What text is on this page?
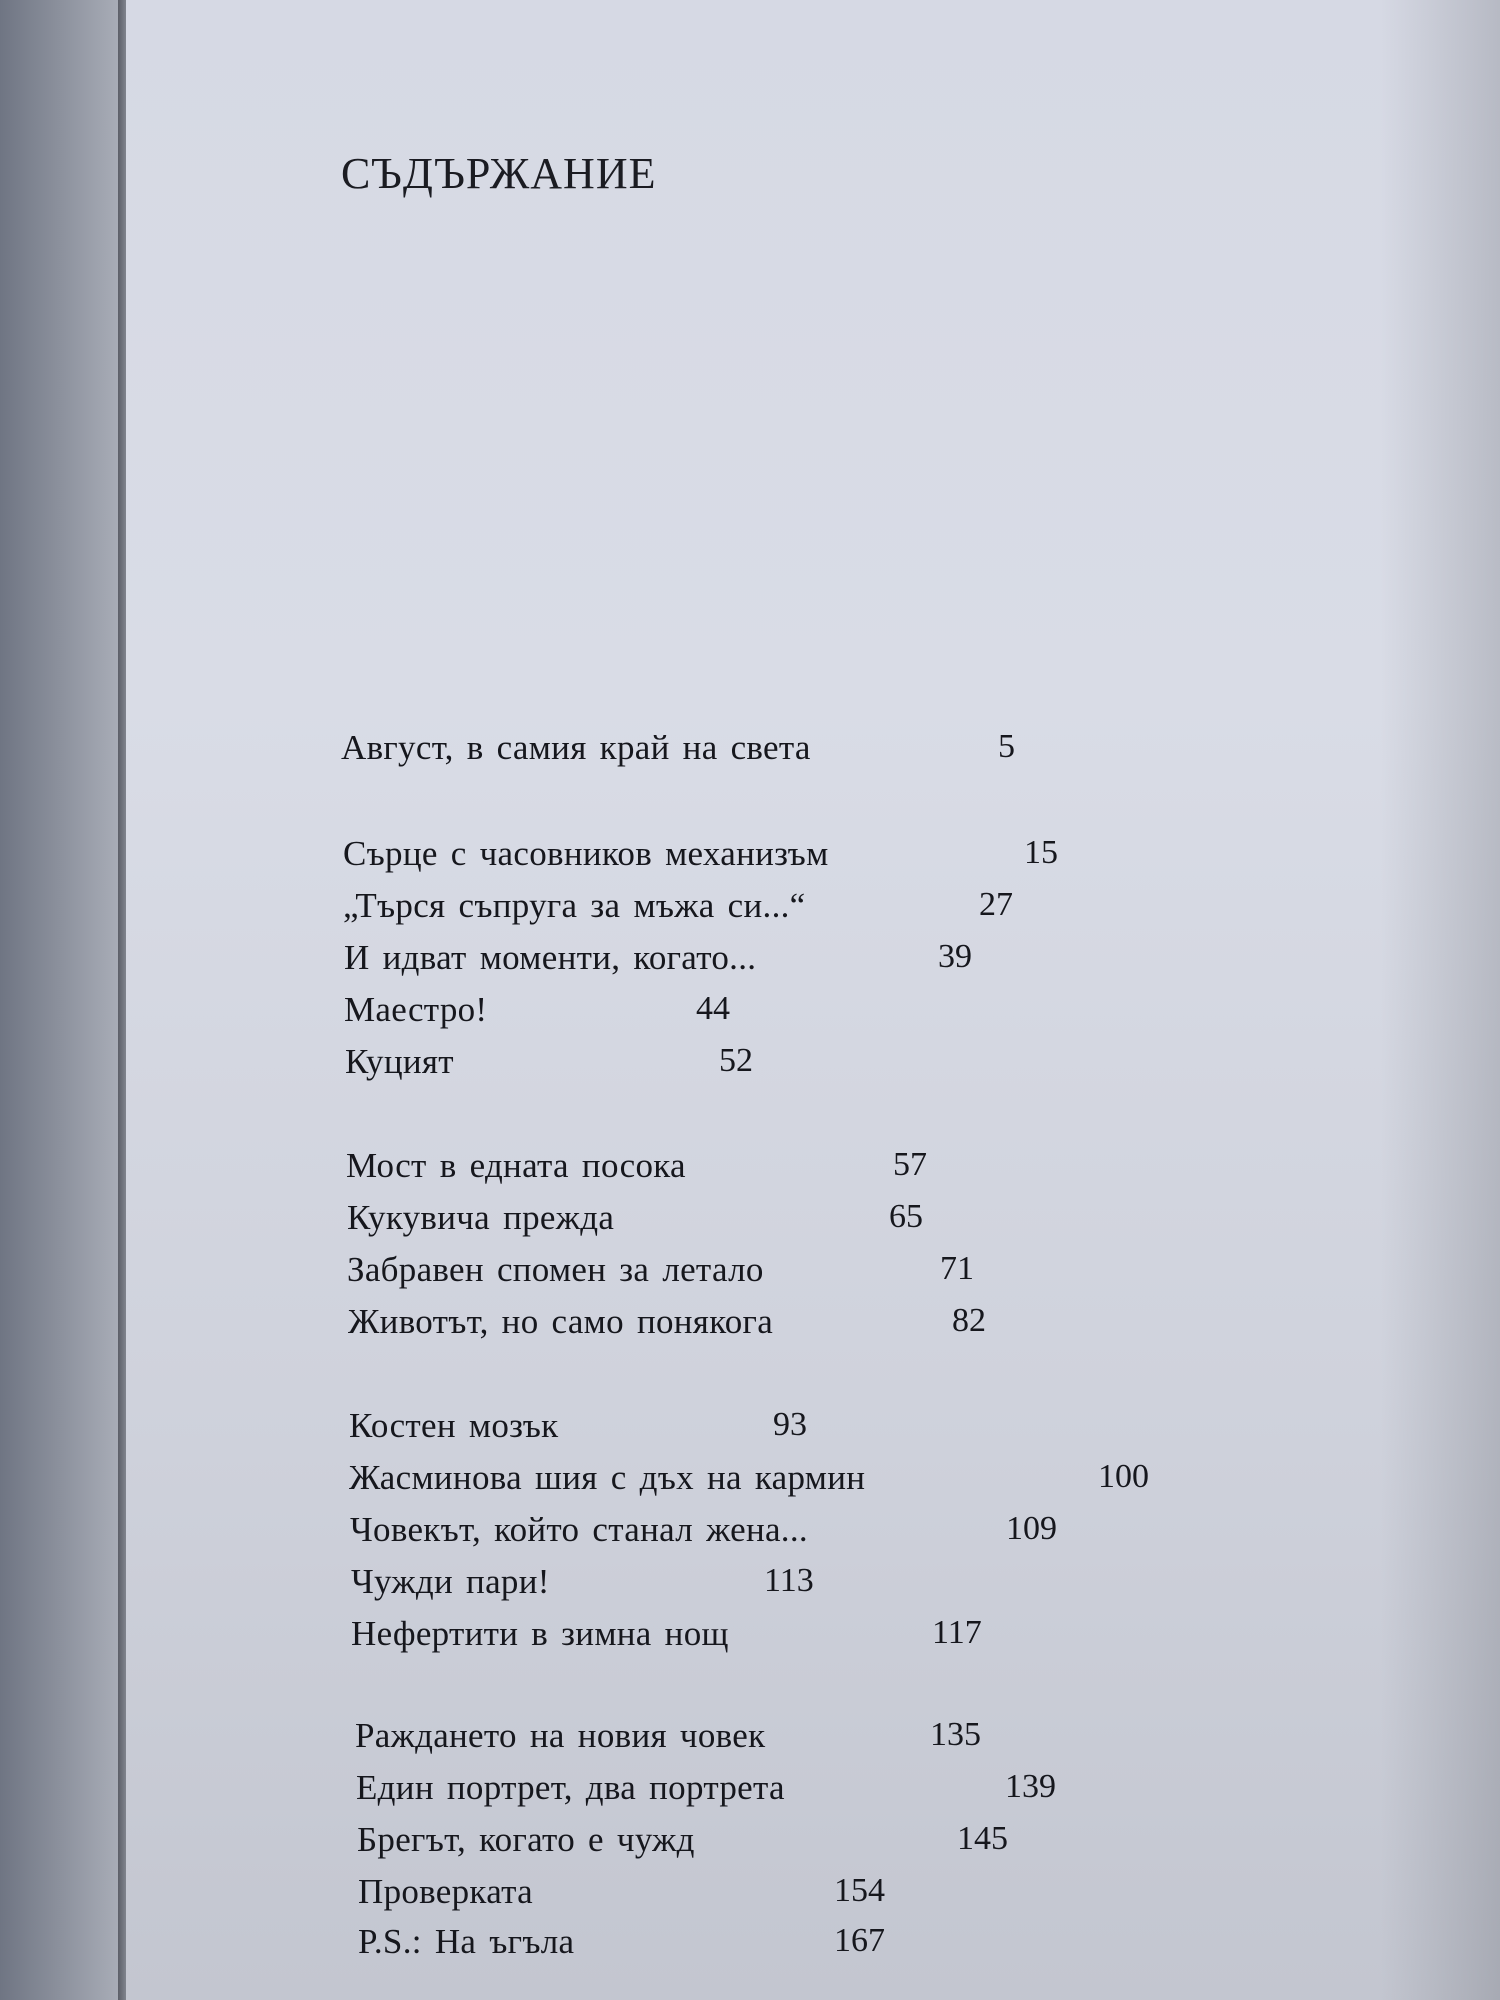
СЪДЪРЖАНИЕ
Август, в самия край на света	5
Сърце с часовников механизъм	15
„Търся съпруга за мъжа си...“	27
И идват моменти, когато...	39
Маестро!	44
Куцият	52
Мост в едната посока	57
Кукувича прежда	65
Забравен спомен за летало	71
Животът, но само понякога	82
Костен мозък	93
Жасминова шия с дъх на кармин	100
Човекът, който станал жена...	109
Чужди пари!	113
Нефертити в зимна нощ	117
Раждането на новия човек	135
Един портрет, два портрета	139
Брегът, когато е чужд	145
Проверката	154
P.S.: На ъгъла	167
